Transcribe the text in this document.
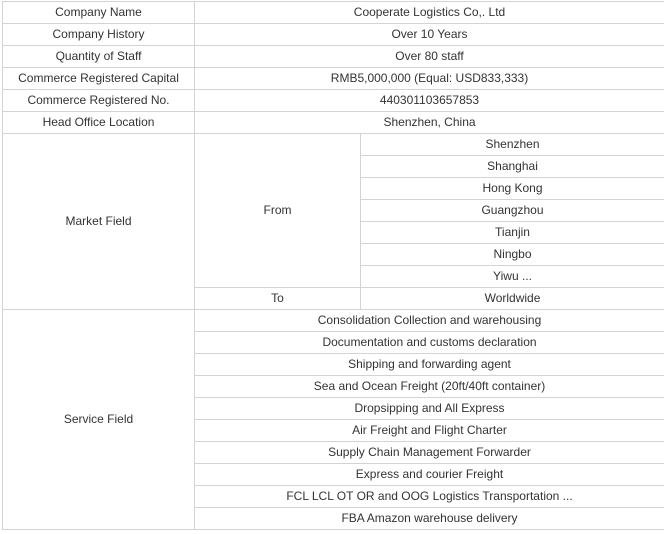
Company Name	Cooperate Logistics Co,. Ltd	
Company History	Over 10 Years	
Quantity of Staff	Over 80 staff	
Commerce Registered Capital	RMB5,000,000 (Equal: USD833,333)	
Commerce Registered No.	440301103657853	
Head Office Location	Shenzhen, China	
Market Field	From	Shenzhen
		Shanghai
		Hong Kong
		Guangzhou
		Tianjin
		Ningbo
		Yiwu ...
	To	Worldwide
Service Field	Consolidation Collection and warehousing	
	Documentation and customs declaration	
	Shipping and forwarding agent	
	Sea and Ocean Freight (20ft/40ft container)	
	Dropsipping and All Express	
	Air Freight and Flight Charter	
	Supply Chain Management Forwarder	
	Express and courier Freight	
	FCL LCL OT OR and OOG Logistics Transportation ...	
	FBA Amazon warehouse delivery	
